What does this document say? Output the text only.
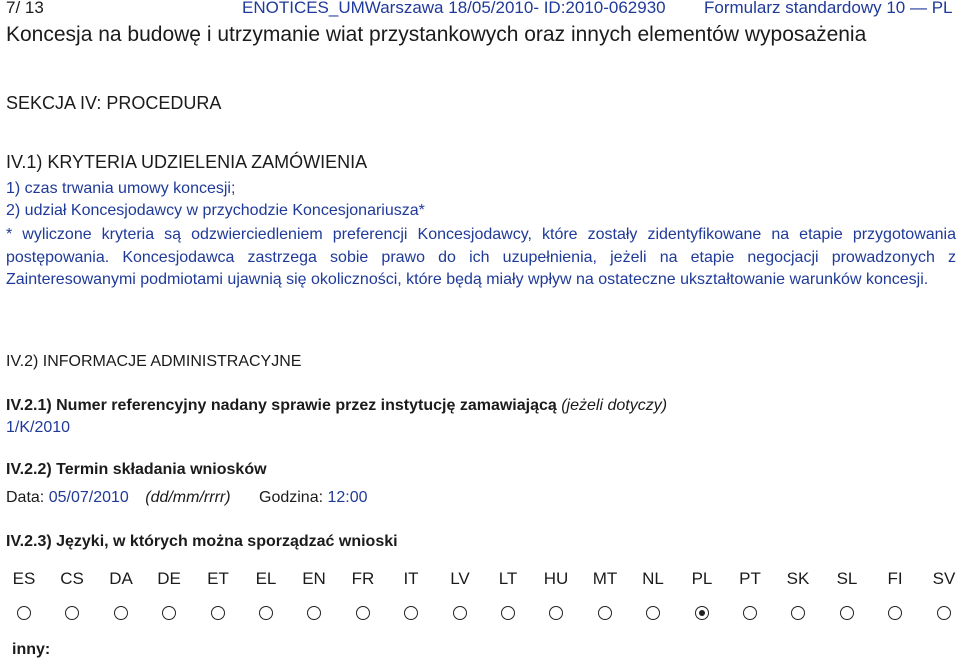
7/ 13	ENOTICES_UMWarszawa 18/05/2010- ID:2010-062930 Formularz standardowy 10 — PL
Koncesja na budowę i utrzymanie wiat przystankowych oraz innych elementów wyposażenia
SEKCJA IV: PROCEDURA
IV.1) KRYTERIA UDZIELENIA ZAMÓWIENIA
1) czas trwania umowy koncesji;
2) udział Koncesjodawcy w przychodzie Koncesjonariusza*
* wyliczone kryteria są odzwierciedleniem preferencji Koncesjodawcy, które zostały zidentyfikowane na etapie przygotowania postępowania. Koncesjodawca zastrzega sobie prawo do ich uzupełnienia, jeżeli na etapie negocjacji prowadzonych z Zainteresowanymi podmiotami ujawnią się okoliczności, które będą miały wpływ na ostateczne ukształtowanie warunków koncesji.
IV.2) INFORMACJE ADMINISTRACYJNE
IV.2.1) Numer referencyjny nadany sprawie przez instytucję zamawiającą (jeżeli dotyczy)
1/K/2010
IV.2.2) Termin składania wniosków
Data: 05/07/2010 (dd/mm/rrrr) Godzina: 12:00
IV.2.3) Języki, w których można sporządzać wnioski
ES	CS	DA	DE	ET	EL	EN	FR	IT	LV	LT	HU	MT	NL	PL	PT	SK	SL	FI	SV
inny:
